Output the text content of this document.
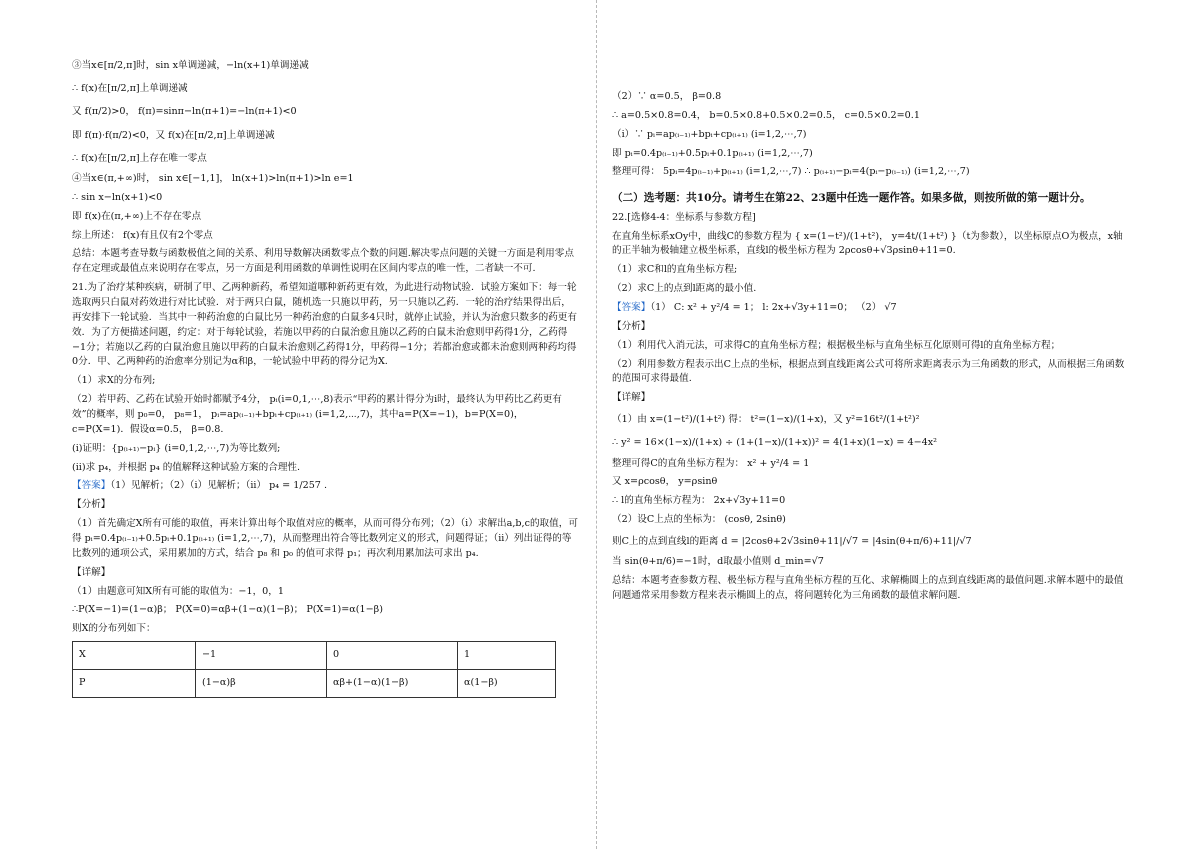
③当x∈[π/2,π]时，sin x单调递减，−ln(x+1)单调递减
∴ f(x)在[π/2,π]上单调递减
又 f(π/2)>0， f(π)=sinπ−ln(π+1)=−ln(π+1)<0
即 f(π)·f(π/2)<0，又 f(x)在[π/2,π]上单调递减
∴ f(x)在[π/2,π]上存在唯一零点
④当x∈(π,+∞)时， sin x∈[−1,1]， ln(x+1)>ln(π+1)>ln e=1
∴ sin x−ln(x+1)<0
即 f(x)在(π,+∞)上不存在零点
综上所述： f(x)有且仅有2个零点
总结：本题考查导数与函数极值之间的关系、利用导数解决函数零点个数的问题.解决零点问题的关键一方面是利用零点存在定理或最值点来说明存在零点，另一方面是利用函数的单调性说明在区间内零点的唯一性，二者缺一不可.
21.为了治疗某种疾病，研制了甲、乙两种新药，希望知道哪种新药更有效，为此进行动物试验．试验方案如下：每一轮选取两只白鼠对药效进行对比试验．对于两只白鼠，随机选一只施以甲药，另一只施以乙药．一轮的治疗结果得出后，再安排下一轮试验．当其中一种药治愈的白鼠比另一种药治愈的白鼠多4只时，就停止试验，并认为治愈只数多的药更有效．为了方便描述问题，约定：对于每轮试验，若施以甲药的白鼠治愈且施以乙药的白鼠未治愈则甲药得1分，乙药得−1分；若施以乙药的白鼠治愈且施以甲药的白鼠未治愈则乙药得1分，甲药得−1分；若都治愈或都未治愈则两种药均得0分．甲、乙两种药的治愈率分别记为α和β，一轮试验中甲药的得分记为X.
（1）求X的分布列;
（2）若甲药、乙药在试验开始时都赋予4分， pᵢ(i=0,1,⋯,8)表示“甲药的累计得分为i时，最终认为甲药比乙药更有效”的概率，则 p₀=0， p₈=1， pᵢ=ap₍ᵢ₋₁₎+bpᵢ+cp₍ᵢ₊₁₎ (i=1,2,⋯,7)，其中a=P(X=−1)，b=P(X=0)，c=P(X=1)．假设α=0.5， β=0.8.
(i)证明：{p₍ᵢ₊₁₎−pᵢ} (i=0,1,2,⋯,7)为等比数列;
(ii)求 p₄，并根据 p₄ 的值解释这种试验方案的合理性.
【答案】（1）见解析；（2）（i）见解析；（ii） p₄ = 1/257 .
【分析】
（1）首先确定X所有可能的取值，再来计算出每个取值对应的概率，从而可得分布列；（2）（i）求解出a,b,c的取值，可得 pᵢ=0.4p₍ᵢ₋₁₎+0.5pᵢ+0.1p₍ᵢ₊₁₎ (i=1,2,⋯,7)，从而整理出符合等比数列定义的形式，问题得证；（ii）列出证得的等比数列的通项公式，采用累加的方式，结合 p₈ 和 p₀ 的值可求得 p₁；再次利用累加法可求出 p₄.
【详解】
（1）由题意可知X所有可能的取值为：−1，0，1
∴P(X=−1)=(1−α)β； P(X=0)=αβ+(1−α)(1−β)； P(X=1)=α(1−β)
则X的分布列如下：
X	−1	0	1
P	(1−α)β	αβ+(1−α)(1−β)	α(1−β)
（2）∵ α=0.5， β=0.8
∴ a=0.5×0.8=0.4， b=0.5×0.8+0.5×0.2=0.5， c=0.5×0.2=0.1
（i）∵ pᵢ=ap₍ᵢ₋₁₎+bpᵢ+cp₍ᵢ₊₁₎ (i=1,2,⋯,7)
即 pᵢ=0.4p₍ᵢ₋₁₎+0.5pᵢ+0.1p₍ᵢ₊₁₎ (i=1,2,⋯,7)
整理可得： 5pᵢ=4p₍ᵢ₋₁₎+p₍ᵢ₊₁₎ (i=1,2,⋯,7) ∴ p₍ᵢ₊₁₎−pᵢ=4(pᵢ−p₍ᵢ₋₁₎) (i=1,2,⋯,7)
（二）选考题：共10分。请考生在第22、23题中任选一题作答。如果多做，则按所做的第一题计分。
22.[选修4-4：坐标系与参数方程]
在直角坐标系xOy中，曲线C的参数方程为 { x=(1−t²)/(1+t²)， y=4t/(1+t²) }（t为参数），以坐标原点O为极点，x轴的正半轴为极轴建立极坐标系，直线l的极坐标方程为 2ρcosθ+√3ρsinθ+11=0.
（1）求C和l的直角坐标方程;
（2）求C上的点到l距离的最小值.
【答案】（1） C: x² + y²/4 = 1； l: 2x+√3y+11=0； （2） √7
【分析】
（1）利用代入消元法，可求得C的直角坐标方程；根据极坐标与直角坐标互化原则可得l的直角坐标方程；
（2）利用参数方程表示出C上点的坐标，根据点到直线距离公式可将所求距离表示为三角函数的形式，从而根据三角函数的范围可求得最值.
【详解】
（1）由 x=(1−t²)/(1+t²) 得： t²=(1−x)/(1+x)，又 y²=16t²/(1+t²)²
∴ y² = 16×(1−x)/(1+x) ÷ (1+(1−x)/(1+x))² = 4(1+x)(1−x) = 4−4x²
整理可得C的直角坐标方程为： x² + y²/4 = 1
又 x=ρcosθ， y=ρsinθ
∴ l的直角坐标方程为： 2x+√3y+11=0
（2）设C上点的坐标为： (cosθ, 2sinθ)
则C上的点到直线l的距离 d = |2cosθ+2√3sinθ+11|/√7 = |4sin(θ+π/6)+11|/√7
当 sin(θ+π/6)=−1时，d取最小值则 d_min=√7
总结：本题考查参数方程、极坐标方程与直角坐标方程的互化、求解椭圆上的点到直线距离的最值问题.求解本题中的最值问题通常采用参数方程来表示椭圆上的点，将问题转化为三角函数的最值求解问题.
